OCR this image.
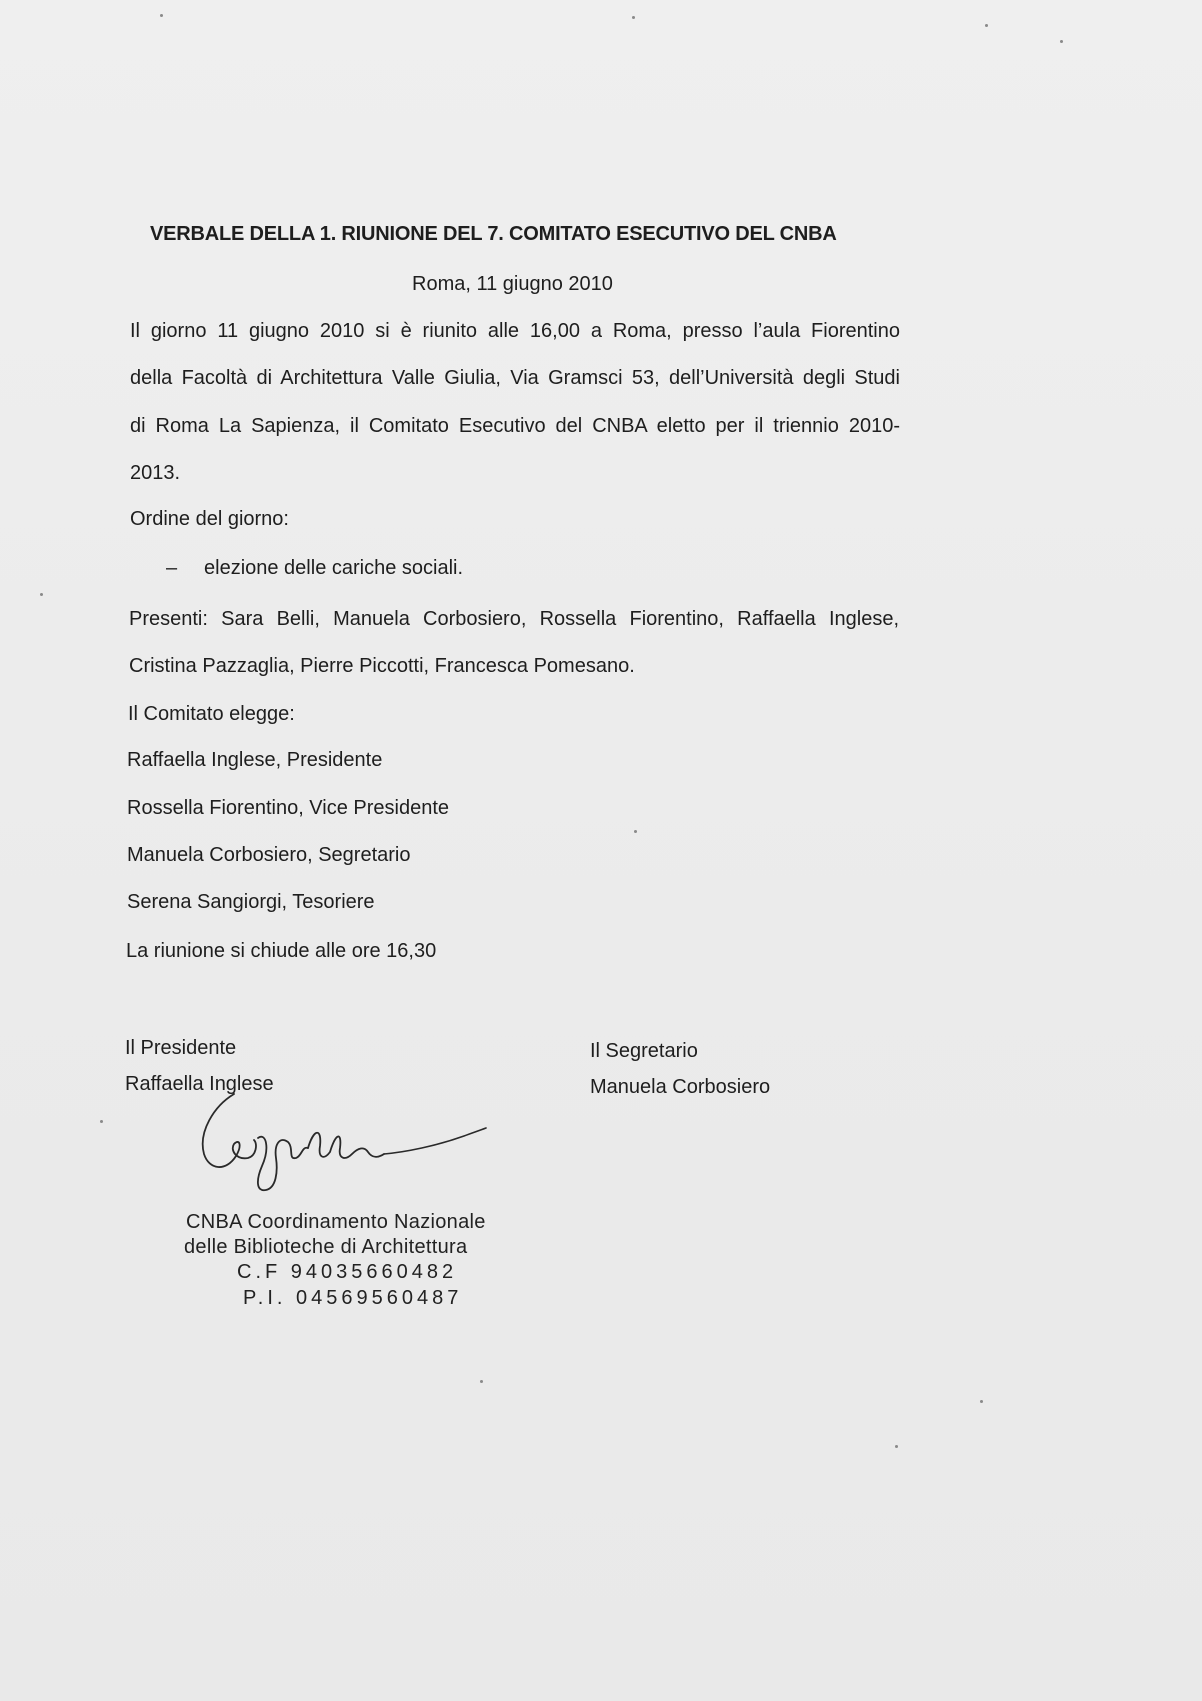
VERBALE DELLA 1. RIUNIONE DEL 7. COMITATO ESECUTIVO DEL CNBA
Roma, 11 giugno 2010
Il giorno 11 giugno 2010 si è riunito alle 16,00 a Roma, presso l’aula Fiorentino
della Facoltà di Architettura Valle Giulia, Via Gramsci 53, dell’Università degli Studi
di Roma La Sapienza, il Comitato Esecutivo del CNBA eletto per il triennio 2010-
2013.
Ordine del giorno:
– elezione delle cariche sociali.
Presenti: Sara Belli, Manuela Corbosiero, Rossella Fiorentino, Raffaella Inglese,
Cristina Pazzaglia, Pierre Piccotti, Francesca Pomesano.
Il Comitato elegge:
Raffaella Inglese, Presidente
Rossella Fiorentino, Vice Presidente
Manuela Corbosiero, Segretario
Serena Sangiorgi, Tesoriere
La riunione si chiude alle ore 16,30
Il Presidente
Raffaella Inglese
Il Segretario
Manuela Corbosiero
CNBA Coordinamento Nazionale
delle Biblioteche di Architettura
C.F 94035660482
P.I. 04569560487
